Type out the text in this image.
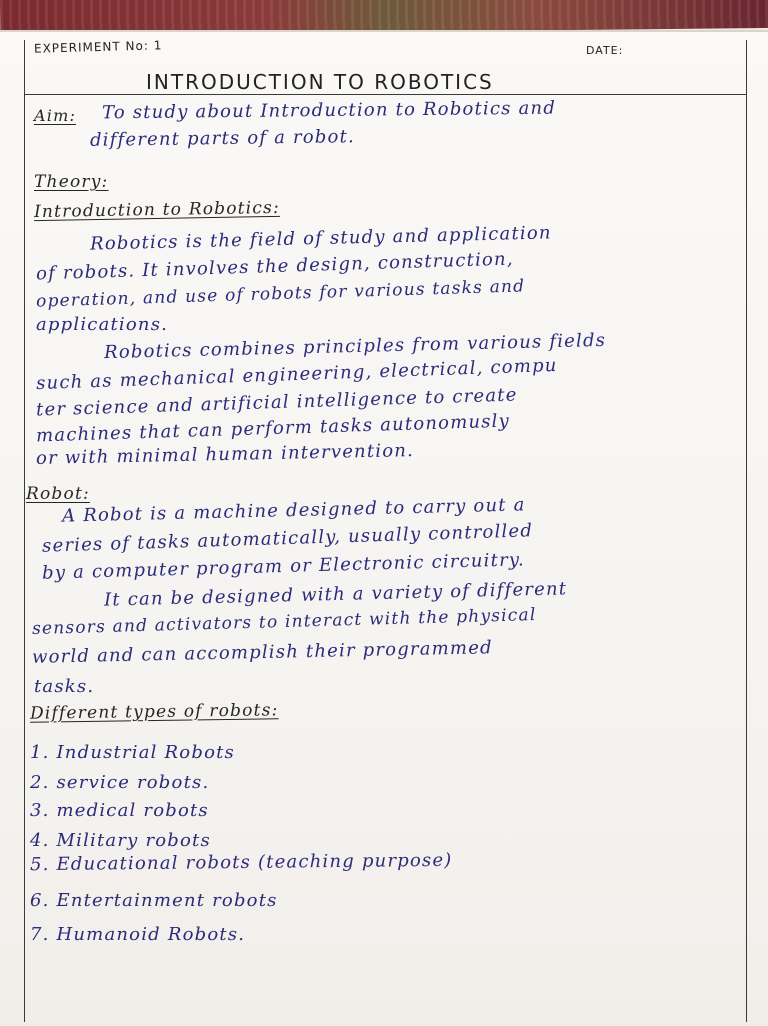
EXPERIMENT No: 1	DATE:
INTRODUCTION TO ROBOTICS
Aim: To study about Introduction to Robotics and
different parts of a robot.
Theory:
Introduction to Robotics:
Robotics is the field of study and application
of robots. It involves the design, construction,
operation, and use of robots for various tasks and
applications.
Robotics combines principles from various fields
such as mechanical engineering, electrical, compu
ter science and artificial intelligence to create
machines that can perform tasks autonomusly
or with minimal human intervention.
Robot:
A Robot is a machine designed to carry out a
series of tasks automatically, usually controlled
by a computer program or Electronic circuitry.
It can be designed with a variety of different
sensors and activators to interact with the physical
world and can accomplish their programmed
tasks.
Different types of robots:
1. Industrial Robots
2. service robots.
3. medical robots
4. Military robots
5. Educational robots (teaching purpose)
6. Entertainment robots
7. Humanoid Robots.
